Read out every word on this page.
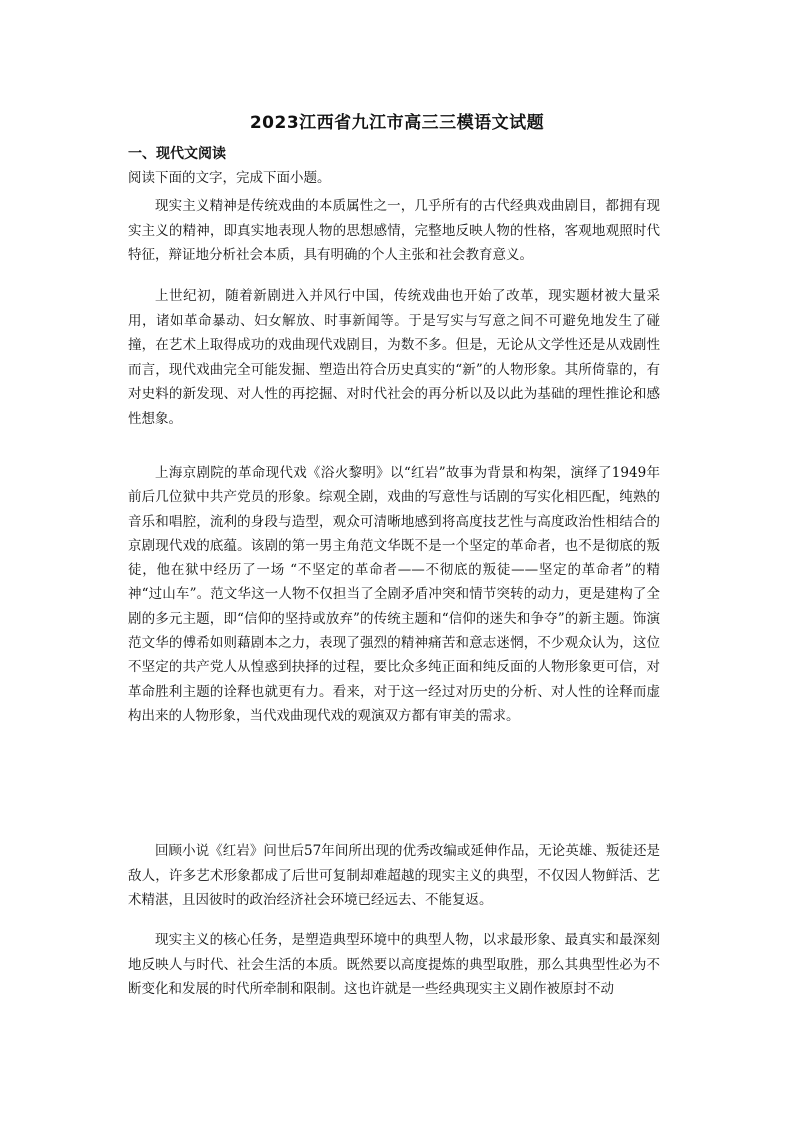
2023江西省九江市高三三模语文试题
一、现代文阅读
阅读下面的文字，完成下面小题。

现实主义精神是传统戏曲的本质属性之一，几乎所有的古代经典戏曲剧目，都拥有现实主义的精神，即真实地表现人物的思想感情，完整地反映人物的性格，客观地观照时代特征，辩证地分析社会本质，具有明确的个人主张和社会教育意义。

上世纪初，随着新剧进入并风行中国，传统戏曲也开始了改革，现实题材被大量采用，诸如革命暴动、妇女解放、时事新闻等。于是写实与写意之间不可避免地发生了碰撞，在艺术上取得成功的戏曲现代戏剧目，为数不多。但是，无论从文学性还是从戏剧性而言，现代戏曲完全可能发掘、塑造出符合历史真实的“新”的人物形象。其所倚靠的，有对史料的新发现、对人性的再挖掘、对时代社会的再分析以及以此为基础的理性推论和感性想象。

上海京剧院的革命现代戏《浴火黎明》以“红岩”故事为背景和构架，演绎了1949年前后几位狱中共产党员的形象。综观全剧，戏曲的写意性与话剧的写实化相匹配，纯熟的音乐和唱腔，流利的身段与造型，观众可清晰地感到将高度技艺性与高度政治性相结合的京剧现代戏的底蕴。该剧的第一男主角范文华既不是一个坚定的革命者，也不是彻底的叛徒，他在狱中经历了一场 “不坚定的革命者——不彻底的叛徒——坚定的革命者”的精神“过山车”。范文华这一人物不仅担当了全剧矛盾冲突和情节突转的动力，更是建构了全剧的多元主题，即“信仰的坚持或放弃”的传统主题和“信仰的迷失和争夺”的新主题。饰演范文华的傅希如则藉剧本之力，表现了强烈的精神痛苦和意志迷惘，不少观众认为，这位不坚定的共产党人从惶惑到抉择的过程，要比众多纯正面和纯反面的人物形象更可信，对革命胜利主题的诠释也就更有力。看来，对于这一经过对历史的分析、对人性的诠释而虚构出来的人物形象，当代戏曲现代戏的观演双方都有审美的需求。

回顾小说《红岩》问世后57年间所出现的优秀改编或延伸作品，无论英雄、叛徒还是敌人，许多艺术形象都成了后世可复制却难超越的现实主义的典型，不仅因人物鲜活、艺术精湛，且因彼时的政治经济社会环境已经远去、不能复返。

现实主义的核心任务，是塑造典型环境中的典型人物，以求最形象、最真实和最深刻地反映人与时代、社会生活的本质。既然要以高度提炼的典型取胜，那么其典型性必为不断变化和发展的时代所牵制和限制。这也许就是一些经典现实主义剧作被原封不动
